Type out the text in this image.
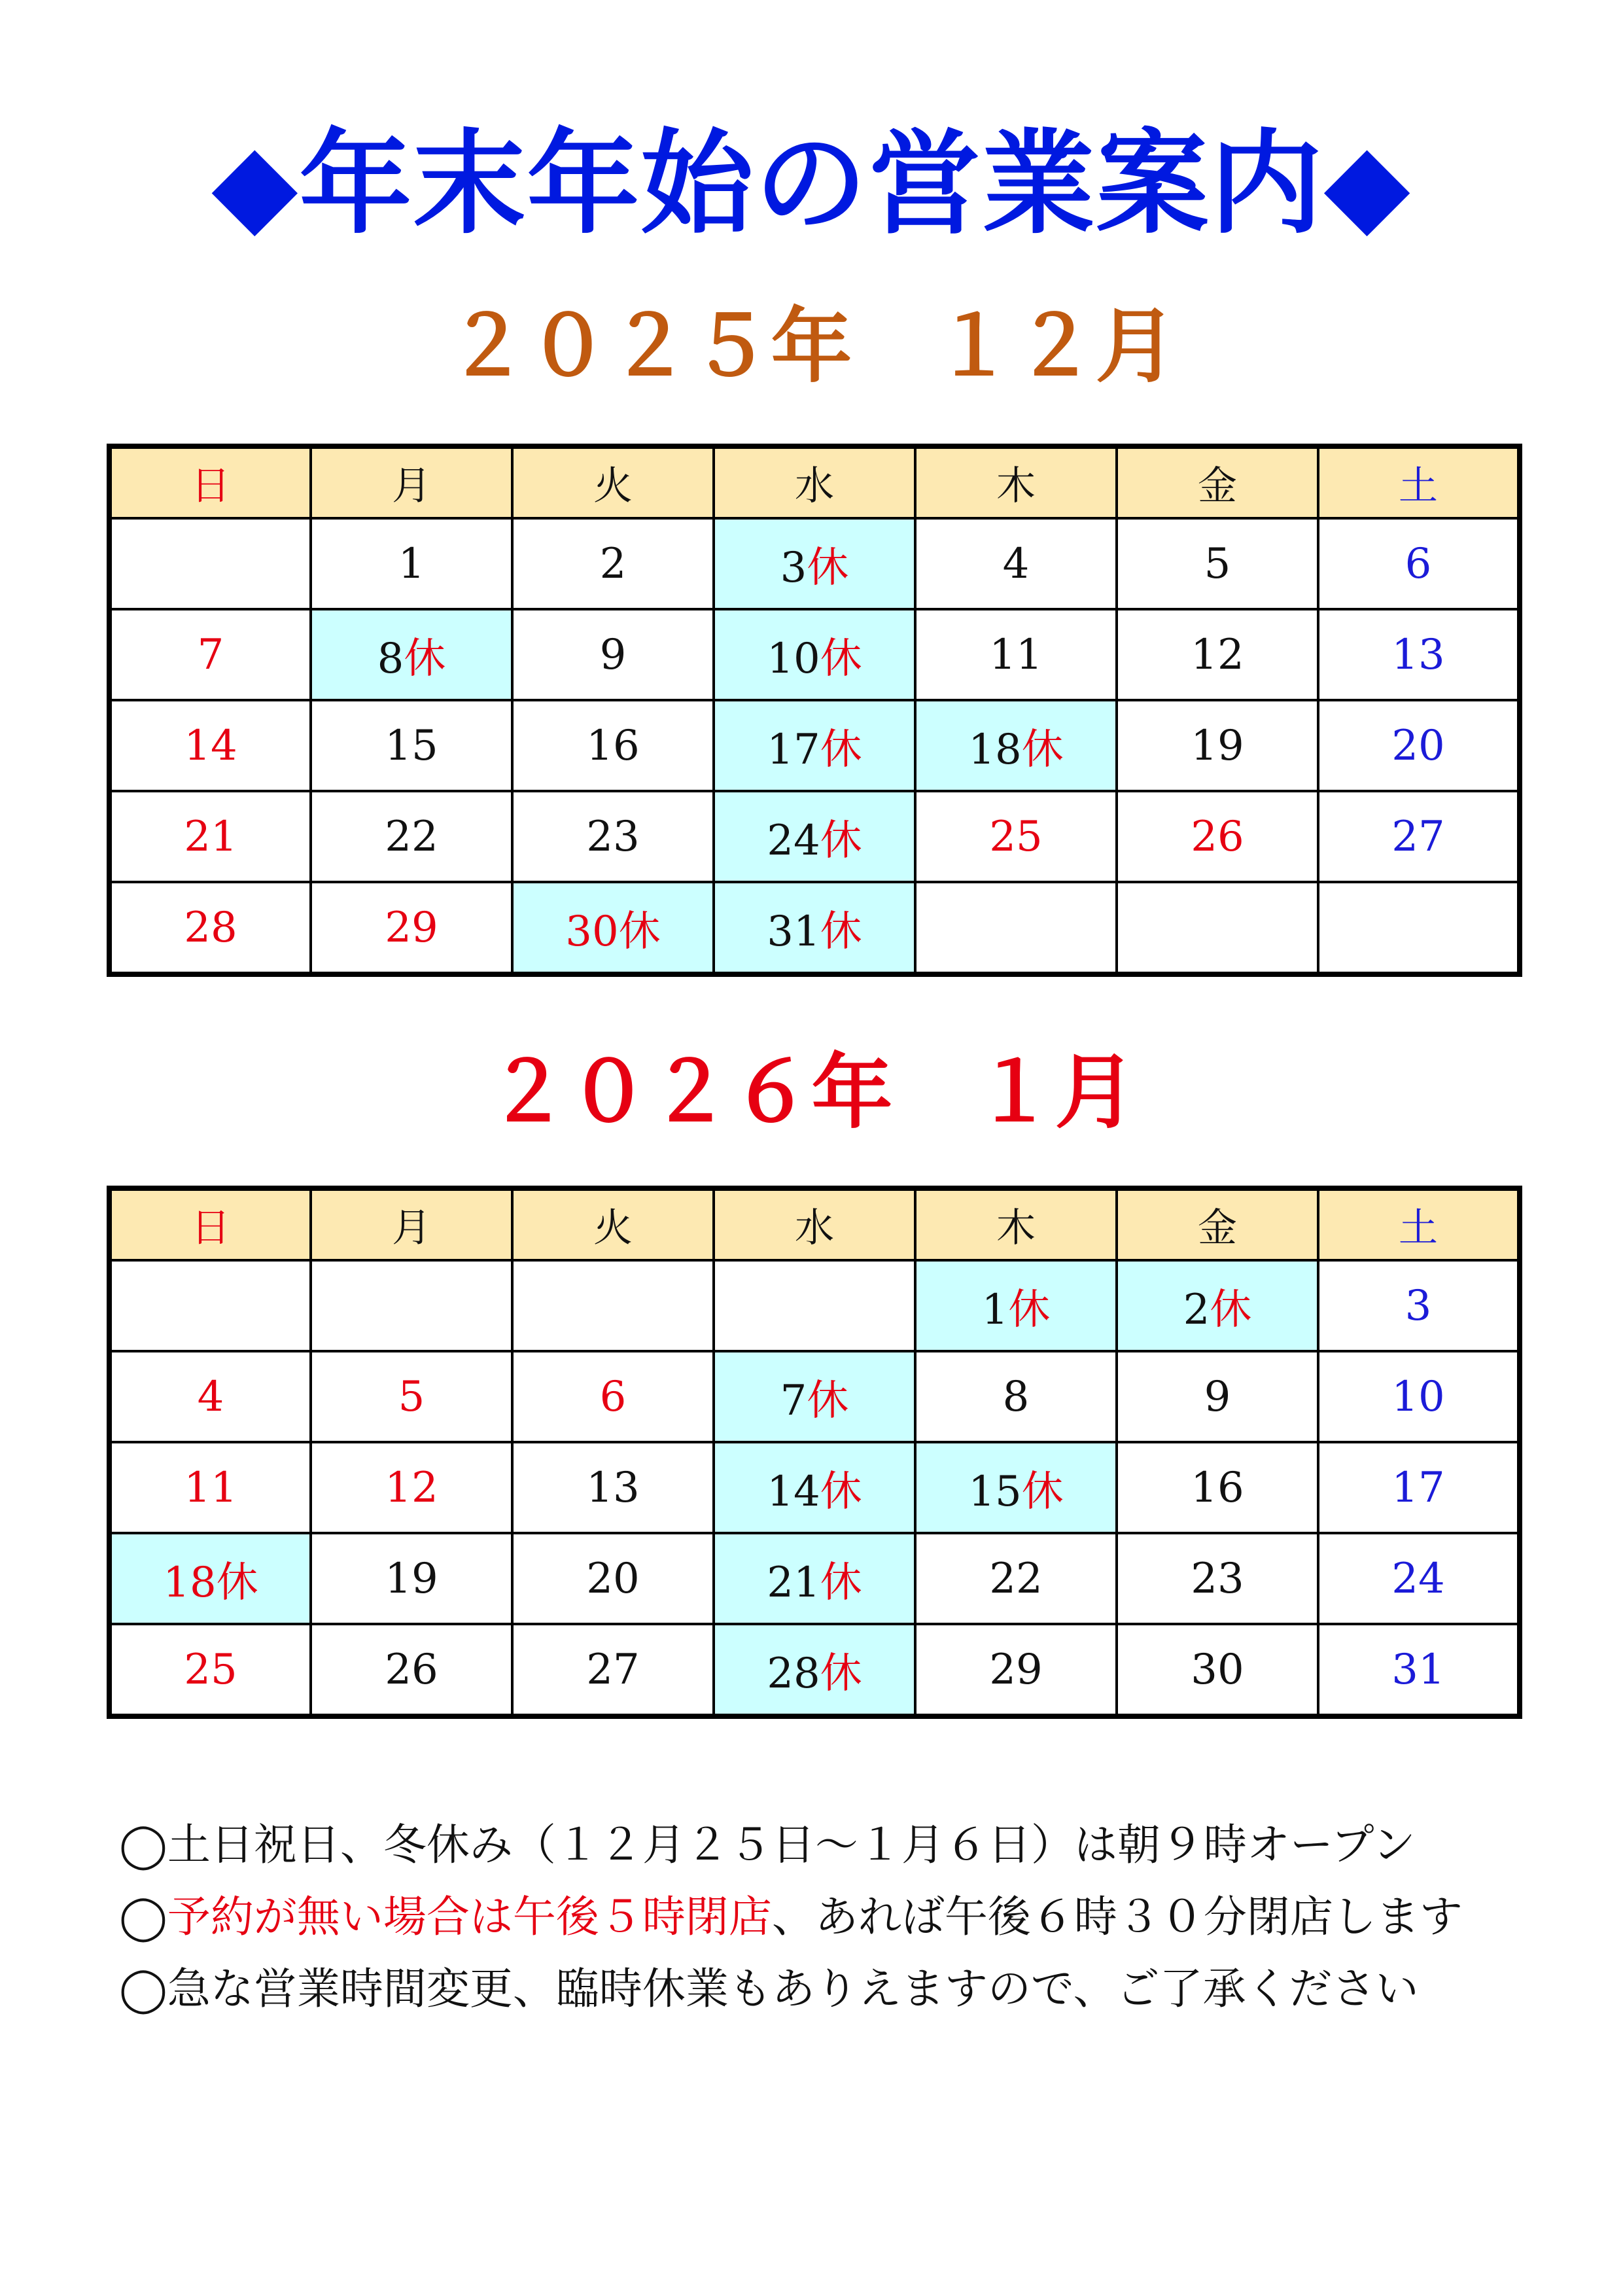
◆年末年始の営業案内◆
２０２５年　１２月
日	月	火	水	木	金	土
	1	2	3休	4	5	6
7	8休	9	10休	11	12	13
14	15	16	17休	18休	19	20
21	22	23	24休	25	26	27
28	29	30休	31休			
２０２６年　１月
日	月	火	水	木	金	土
				1休	2休	3
4	5	6	7休	8	9	10
11	12	13	14休	15休	16	17
18休	19	20	21休	22	23	24
25	26	27	28休	29	30	31
◯土日祝日、冬休み（１２月２５日～１月６日）は朝９時オープン
◯予約が無い場合は午後５時閉店、あれば午後６時３０分閉店します
◯急な営業時間変更、臨時休業もありえますので、ご了承ください
